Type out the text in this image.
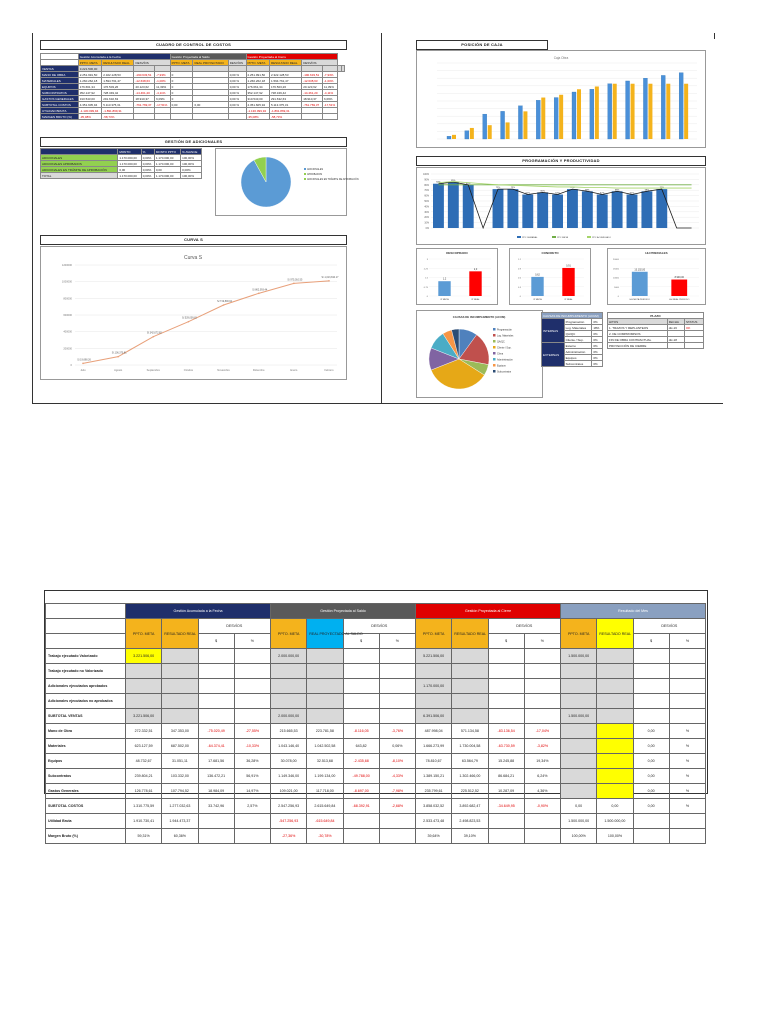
CUADRO DE CONTROL DE COSTOS
	Gestión Acumulada a la Fecha				Gestión Proyectada al Saldo			Gestión Proyectada al Cierre					
	PPTO. META	RESULTADO REAL	DESVÍOS		PPTO. META	REAL PROYECTADO	DESVÍOS	PPTO. META	RESULTADO REAL	DESVÍOS			
VENTAS	3.221.506,00												
MANO DE OBRA	2.251.991,50	2.322.128,53	-190.633,51	-7,93%	0		0,00 %	2.251.991,50	2.322.128,53	-190.633,51	-7,93%		
MATERIALES	1.260.262,18	1.594.761,47	-12.638,63	-1,00%	0		0,00 %	1.260.262,18	1.594.761,47	-12.638,63	-1,00%		
EQUIPOS	176.661,34	176.503,26	20.123,62	11,39%	0		0,00 %	176.661,34	176.503,26	20.123,62	11,39%		
SUBCONTRATOS	352.147,92	728.349,42	-14.461,20	-4,11%	0		0,00 %	352.147,92	728.349,42	-14.461,20	-4,11%		
GASTOS GENERALES	310.543,00	291.632,63	18.910,37	6,09%	0		0,00 %	310.543,00	291.632,63	18.910,37	6,09%		
SUBTOTAL COSTOS	4.351.605,94	5.113.375,31	-761.769,37	-17,51%	0,00	0,00	0,00 %	4.351.605,94	5.113.375,31	-761.769,37	-17,51%		
UTILIDAD BRUTA	-1.130.099,94	-1.891.869,31						-1.130.099,94	-1.891.869,31				
MARGEN BRUTO (%)	-35,08%	-58,73%						-35,08%	-58,73%				
GESTIÓN DE ADICIONALES
	MONTO	%	MONTO PPTO	% AVANCE
ADICIONALES	1.170.000,00	0,00%	1.170.000,00	100,00%
ADICIONALES APROBADOS	1.170.000,00	0,00%	1.170.000,00	100,00%
ADICIONALES EN TRÁMITE DE APROBACIÓN	0,00	0,00%	0,00	0,00%
TOTAL	1.170.000,00	0,00%	1.170.000,00	100,00%
ADICIONALES
APROBADOS
ADICIONALES EN TRÁMITE DE APROBACIÓN
CURVA S
Curva S
0
200000
400000
600000
800000
1000000
1200000
Julio	Agosto	Septiembre	Octubre	Noviembre	Diciembre	Enero	Febrero
S/.19,698.26
S/.106,370.81
S/.342,672.65
S/.529,009.81
S/.719,800.64
S/.862,093.44
S/.975,010.55
S/.1,013,810.17
POSICIÓN DE CAJA
Caja Obra
PROGRAMACIÓN Y PRODUCTIVIDAD
0%
10%
20%
30%
40%
50%
60%
70%
80%
90%
100%
82%
85%
80%
72%	72%
62%
66%
62%
72%
68%
62%
68%
62%
68%
72%
PPC SEMANAL	PPC META	PPC ACUMULADO
DESCOPRADO
0
0.75
1.5
2.25
3
1,2
IP META
2,0
IP REAL
CONCRETO
0
0.3
0.6
0.9
1.2
0,62
IP META
0,91
IP REAL
HH PREDIALES
0
5000
10000
15000
20000
13.102,00
HH META PERIODO
8.900,00
HH REAL PERIODO
CAUSAS DE INCUMPLIMIENTO (ACUM)
Programación
Log. Materiales
QA/QC
Cliente / Sup.
Clima
Administración
Equipos
Subcontratos
CAUSAS DE INCUMPLIMIENTO (ACUM)		
INTERNAS	Programación	0%
	Log. Materiales	18%
	QA/QC	0%
	Cliente / Sup.	0%
EXTERNAS	Externo	0%
	Administración	0%
	Equipos	0%
	Subcontratos	0%
PLAZO		
HITOS	FECHA	STATUS
1. TRAZOS Y REPLANTEOS	dic-16	OK
2. DE COMPROMISOS		
FIN DE OBRA CONTRACTUAL	dic-18	
PROYECCIÓN DE CIERRE		
	Gestión Acumulada a la Fecha				Gestión Proyectada al Saldo				Gestión Proyectada al Cierre				Resultado del Mes			
	PPTO. META	RESULTADO REAL	DESVÍOS		PPTO. META	REAL PROYECTADO AL SALDO	DESVÍOS		PPTO. META	RESULTADO REAL	DESVÍOS		PPTO. META	RESULTADO REAL	DESVÍOS	
			$	%			$	%			$	%			$	%
Trabajo ejecutado Valorizado	3.221.506,00				2.000.000,00				5.221.506,00				1.500.000,00			
Trabajo ejecutado no Valorizado																
Adicionales ejecutados aprobados									1.170.000,00							
Adicionales ejecutados no aprobados																
SUBTOTAL VENTAS	3.221.506,00				2.000.000,00				6.391.506,00				1.500.000,00			
Mano de Obra	272.332,51	347.353,00	-75.020,49	-27,55%	215.665,53	223.781,58	-8.116,05	-3,76%	487.998,04	571.134,58	-83.136,54	-17,04%			0,00	%
Materiales	623.127,59	687.502,00	-64.374,41	-10,33%	1.043.146,40	1.042.502,58	643,82	0,06%	1.666.273,99	1.730.004,58	-63.730,59	-3,82%			0,00	%
Equipos	48.732,67	31.051,11	17.681,56	36,28%	30.078,00	32.513,68	-2.435,68	-8,10%	78.810,67	63.564,79	15.245,88	19,34%			0,00	%
Subcontratos	239.804,21	103.332,00	136.472,21	56,91%	1.149.346,00	1.199.134,00	-49.788,00	-4,33%	1.389.150,21	1.302.466,00	86.684,21	6,24%			0,00	%
Gastos Generales	126.778,61	107.794,52	18.984,09	14,97%	109.021,00	117.718,00	-8.697,00	-7,98%	235.799,61	225.512,52	10.287,09	4,36%			0,00	%
SUBTOTAL COSTOS	1.310.775,59	1.277.032,63	33.742,96	2,57%	2.547.256,93	2.615.649,84	-68.392,91	-2,68%	3.858.032,52	3.892.682,47	-34.649,95	-0,90%	0,00	0,00	0,00	%
Utilidad Bruta	1.910.730,41	1.944.473,37			-547.256,93	-615.649,84			2.533.473,48	2.498.823,53			1.500.000,00	1.500.000,00		
Margen Bruto (%)	59,31%	60,36%			-27,36%	-30,78%			39,64%	39,10%			100,00%	100,00%		
